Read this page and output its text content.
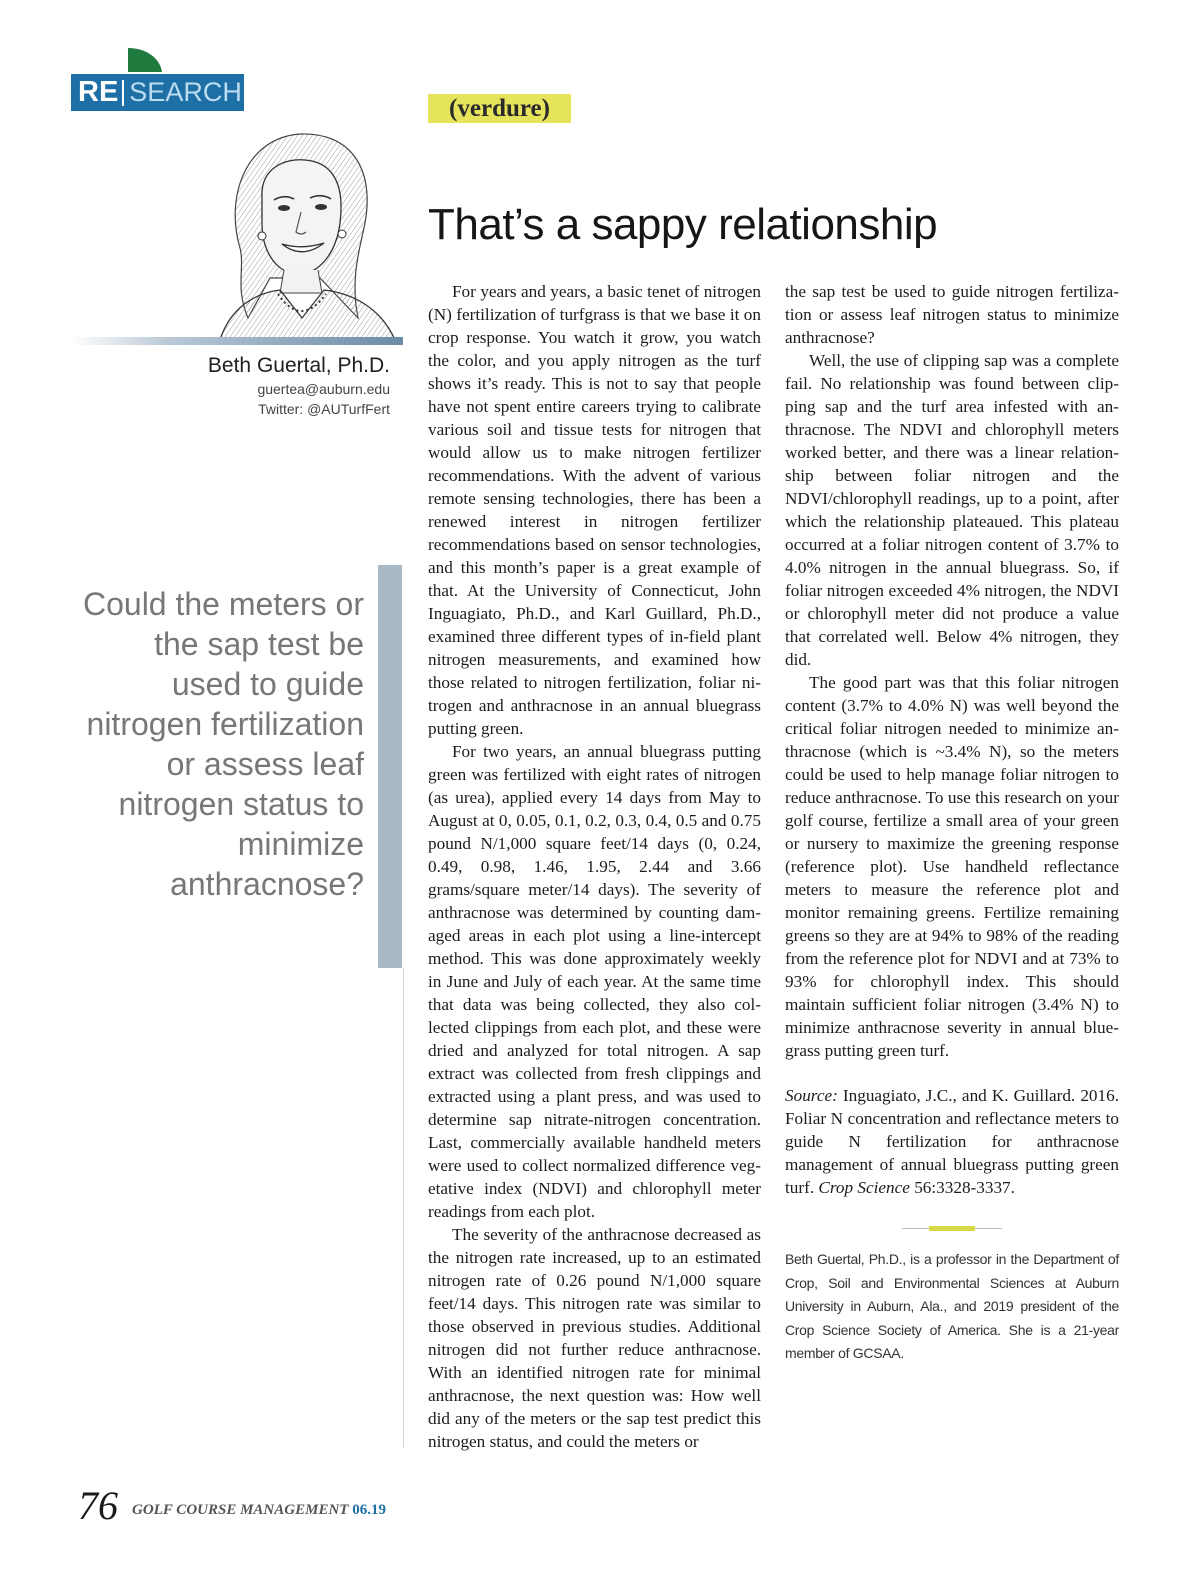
RE SEARCH
(verdure)
Beth Guertal, Ph.D.
guertea@auburn.edu
Twitter: @AUTurfFert
Could the meters or the sap test be used to guide nitrogen fertilization or assess leaf nitrogen status to minimize anthracnose?
That’s a sappy relationship

For years and years, a basic tenet of nitrogen (N) fertilization of turfgrass is that we base it on crop response. You watch it grow, you watch the color, and you apply nitrogen as the turf shows it’s ready. This is not to say that people have not spent entire careers trying to calibrate various soil and tissue tests for nitrogen that would allow us to make nitrogen fertilizer recommendations. With the advent of various remote sensing technologies, there has been a renewed interest in nitrogen fertilizer recommendations based on sensor technologies, and this month’s paper is a great example of that. At the University of Connecticut, John Inguagiato, Ph.D., and Karl Guillard, Ph.D., examined three different types of in-field plant nitrogen measurements, and examined how those related to nitrogen fertilization, foliar nitrogen and anthracnose in an annual bluegrass putting green.

For two years, an annual bluegrass putting green was fertilized with eight rates of nitrogen (as urea), applied every 14 days from May to August at 0, 0.05, 0.1, 0.2, 0.3, 0.4, 0.5 and 0.75 pound N/1,000 square feet/14 days (0, 0.24, 0.49, 0.98, 1.46, 1.95, 2.44 and 3.66 grams/square meter/14 days). The severity of anthracnose was determined by counting damaged areas in each plot using a line-intercept method. This was done approximately weekly in June and July of each year. At the same time that data was being collected, they also collected clippings from each plot, and these were dried and analyzed for total nitrogen. A sap extract was collected from fresh clippings and extracted using a plant press, and was used to determine sap nitrate-nitrogen concentration. Last, commercially available handheld meters were used to collect normalized difference vegetative index (NDVI) and chlorophyll meter readings from each plot.

The severity of the anthracnose decreased as the nitrogen rate increased, up to an estimated nitrogen rate of 0.26 pound N/1,000 square feet/14 days. This nitrogen rate was similar to those observed in previous studies. Additional nitrogen did not further reduce anthracnose. With an identified nitrogen rate for minimal anthracnose, the next question was: How well did any of the meters or the sap test predict this nitrogen status, and could the meters or

the sap test be used to guide nitrogen fertilization or assess leaf nitrogen status to minimize anthracnose?

Well, the use of clipping sap was a complete fail. No relationship was found between clipping sap and the turf area infested with anthracnose. The NDVI and chlorophyll meters worked better, and there was a linear relationship between foliar nitrogen and the NDVI/chlorophyll readings, up to a point, after which the relationship plateaued. This plateau occurred at a foliar nitrogen content of 3.7% to 4.0% nitrogen in the annual bluegrass. So, if foliar nitrogen exceeded 4% nitrogen, the NDVI or chlorophyll meter did not produce a value that correlated well. Below 4% nitrogen, they did.

The good part was that this foliar nitrogen content (3.7% to 4.0% N) was well beyond the critical foliar nitrogen needed to minimize anthracnose (which is ~3.4% N), so the meters could be used to help manage foliar nitrogen to reduce anthracnose. To use this research on your golf course, fertilize a small area of your green or nursery to maximize the greening response (reference plot). Use handheld reflectance meters to measure the reference plot and monitor remaining greens. Fertilize remaining greens so they are at 94% to 98% of the reading from the reference plot for NDVI and at 73% to 93% for chlorophyll index. This should maintain sufficient foliar nitrogen (3.4% N) to minimize anthracnose severity in annual bluegrass putting green turf.

Source: Inguagiato, J.C., and K. Guillard. 2016. Foliar N concentration and reflectance meters to guide N fertilization for anthracnose management of annual bluegrass putting green turf. Crop Science 56:3328-3337.

Beth Guertal, Ph.D., is a professor in the Department of Crop, Soil and Environmental Sciences at Auburn University in Auburn, Ala., and 2019 president of the Crop Science Society of America. She is a 21-year member of GCSAA.
76 GOLF COURSE MANAGEMENT 06.19
